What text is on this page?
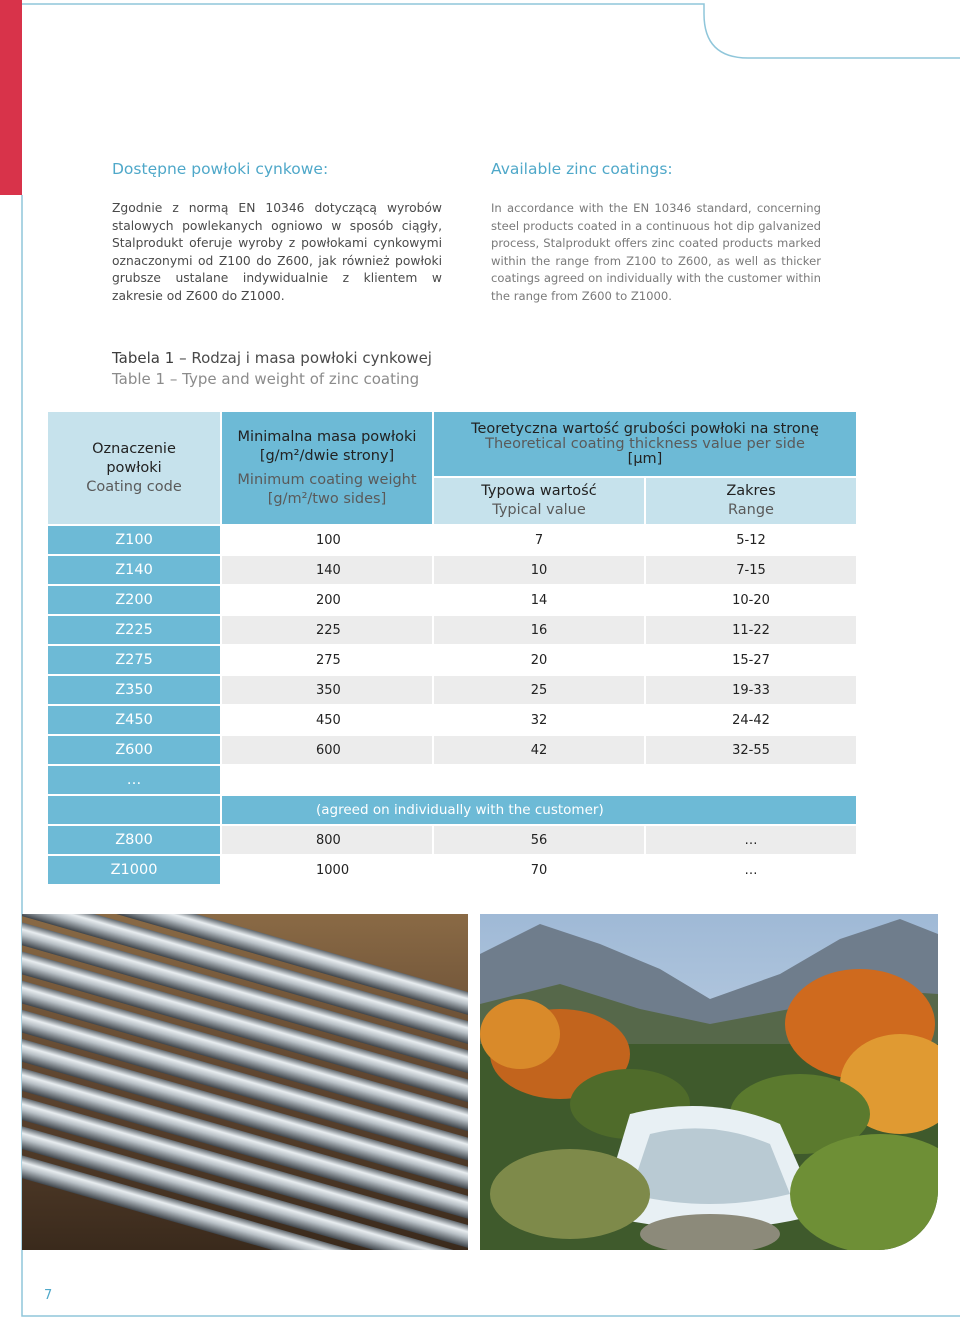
Dostępne powłoki cynkowe:

Zgodnie z normą EN 10346 dotyczącą wyrobów stalowych powlekanych ogniowo w sposób ciągły, Stalprodukt oferuje wyroby z powłokami cynkowymi oznaczonymi od Z100 do Z600, jak również powłoki grubsze ustalane indywidualnie z klientem w zakresie od Z600 do Z1000.

Available zinc coatings:

In accordance with the EN 10346 standard, concerning steel products coated in a continuous hot dip galvanized process, Stalprodukt offers zinc coated products marked within the range from Z100 to Z600, as well as thicker coatings agreed on individually with the customer within the range from Z600 to Z1000.

Tabela 1 – Rodzaj i masa powłoki cynkowej
Table 1 – Type and weight of zinc coating
Oznaczenie powłoki
Coating code
Minimalna masa powłoki [g/m²/dwie strony]
Minimum coating weight [g/m²/two sides]
Teoretyczna wartość grubości powłoki na stronę
Theoretical coating thickness value per side
[µm]
Typowa wartość
Typical value
Zakres
Range
Z100	100	7	5-12
Z140	140	10	7-15
Z200	200	14	10-20
Z225	225	16	11-22
Z275	275	20	15-27
Z350	350	25	19-33
Z450	450	32	24-42
Z600	600	42	32-55
…
(agreed on individually with the customer)
Z800	800	56	…
Z1000	1000	70	…
7
